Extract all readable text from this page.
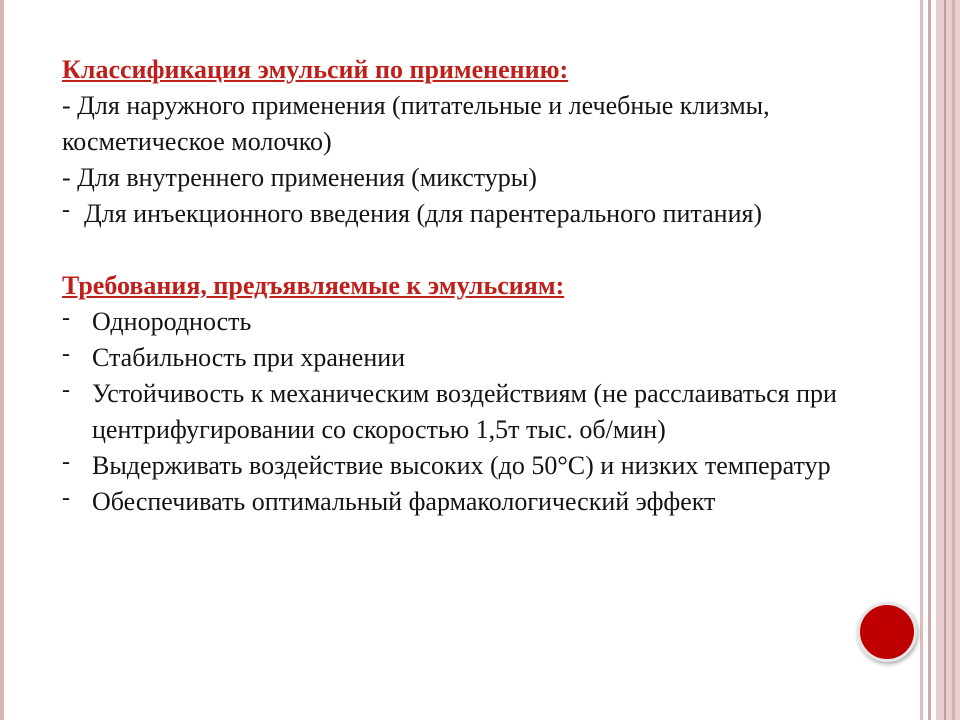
Классификация эмульсий по применению:
- Для наружного применения (питательные и лечебные клизмы, косметическое молочко)
- Для внутреннего применения (микстуры)
- Для инъекционного введения (для парентерального питания)
Требования, предъявляемые к эмульсиям:
- Однородность
- Стабильность при хранении
- Устойчивость к механическим воздействиям (не расслаиваться при центрифугировании со скоростью 1,5т тыс. об/мин)
- Выдерживать воздействие высоких (до 50°С) и низких температур
- Обеспечивать оптимальный фармакологический эффект
